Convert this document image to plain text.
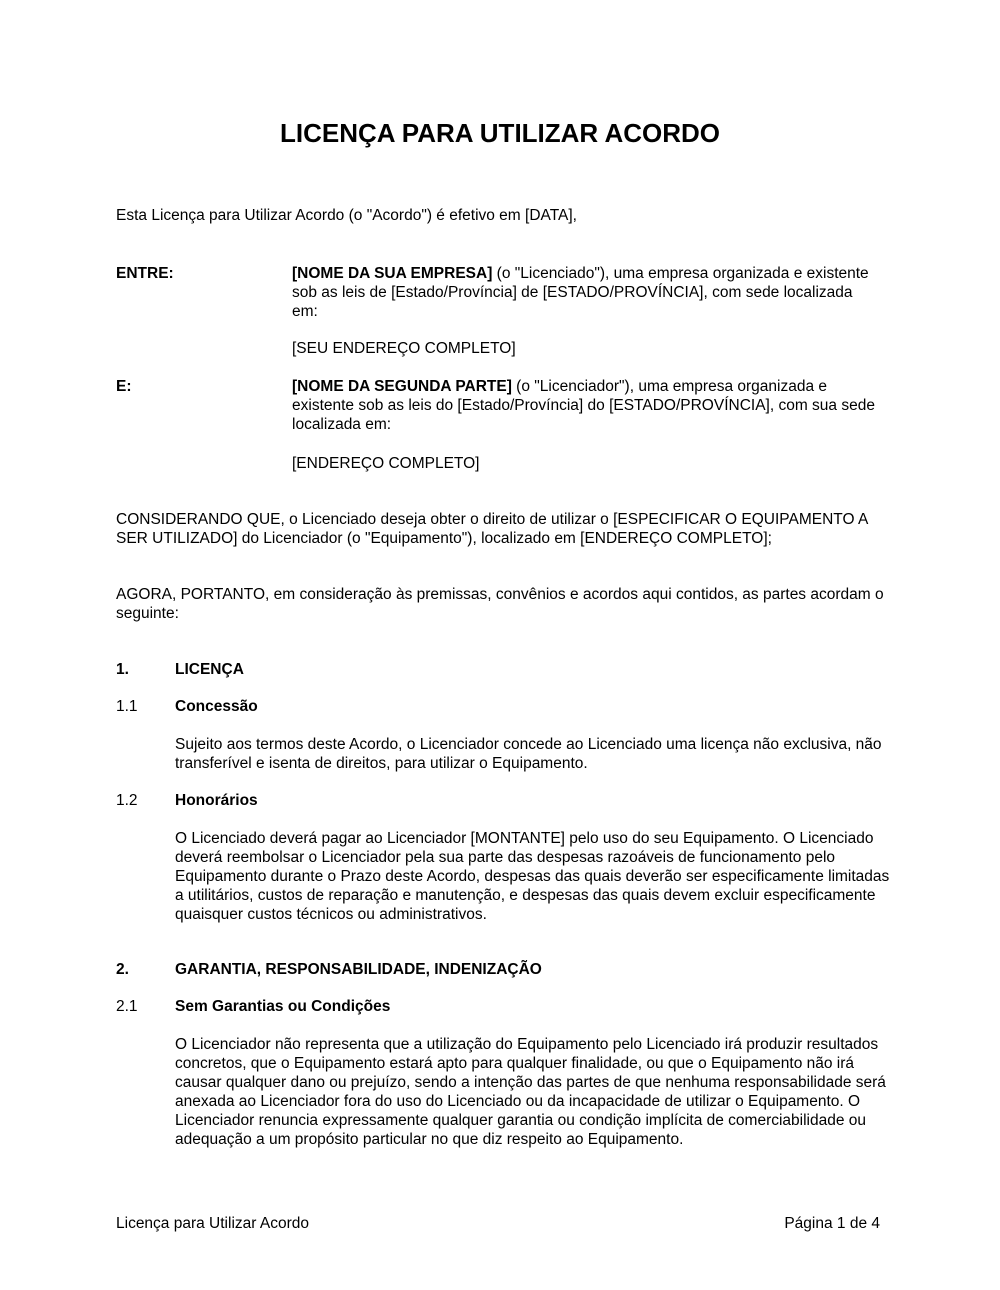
LICENÇA PARA UTILIZAR ACORDO
Esta Licença para Utilizar Acordo (o "Acordo") é efetivo em [DATA],
ENTRE:	[NOME DA SUA EMPRESA] (o "Licenciado"), uma empresa organizada e existente sob as leis de [Estado/Província] de [ESTADO/PROVÍNCIA], com sede localizada em:
[SEU ENDEREÇO COMPLETO]
E:	[NOME DA SEGUNDA PARTE] (o "Licenciador"), uma empresa organizada e existente sob as leis do [Estado/Província] do [ESTADO/PROVÍNCIA], com sua sede localizada em:
[ENDEREÇO COMPLETO]
CONSIDERANDO QUE, o Licenciado deseja obter o direito de utilizar o [ESPECIFICAR O EQUIPAMENTO A SER UTILIZADO] do Licenciador (o "Equipamento"), localizado em [ENDEREÇO COMPLETO];
AGORA, PORTANTO, em consideração às premissas, convênios e acordos aqui contidos, as partes acordam o seguinte:
1.	LICENÇA
1.1 Concessão
Sujeito aos termos deste Acordo, o Licenciador concede ao Licenciado uma licença não exclusiva, não transferível e isenta de direitos, para utilizar o Equipamento.
1.2 Honorários
O Licenciado deverá pagar ao Licenciador [MONTANTE] pelo uso do seu Equipamento. O Licenciado deverá reembolsar o Licenciador pela sua parte das despesas razoáveis de funcionamento pelo Equipamento durante o Prazo deste Acordo, despesas das quais deverão ser especificamente limitadas a utilitários, custos de reparação e manutenção, e despesas das quais devem excluir especificamente quaisquer custos técnicos ou administrativos.
2.	GARANTIA, RESPONSABILIDADE, INDENIZAÇÃO
2.1 Sem Garantias ou Condições
O Licenciador não representa que a utilização do Equipamento pelo Licenciado irá produzir resultados concretos, que o Equipamento estará apto para qualquer finalidade, ou que o Equipamento não irá causar qualquer dano ou prejuízo, sendo a intenção das partes de que nenhuma responsabilidade será anexada ao Licenciador fora do uso do Licenciado ou da incapacidade de utilizar o Equipamento. O Licenciador renuncia expressamente qualquer garantia ou condição implícita de comerciabilidade ou adequação a um propósito particular no que diz respeito ao Equipamento.
Licença para Utilizar Acordo	Página 1 de 4
